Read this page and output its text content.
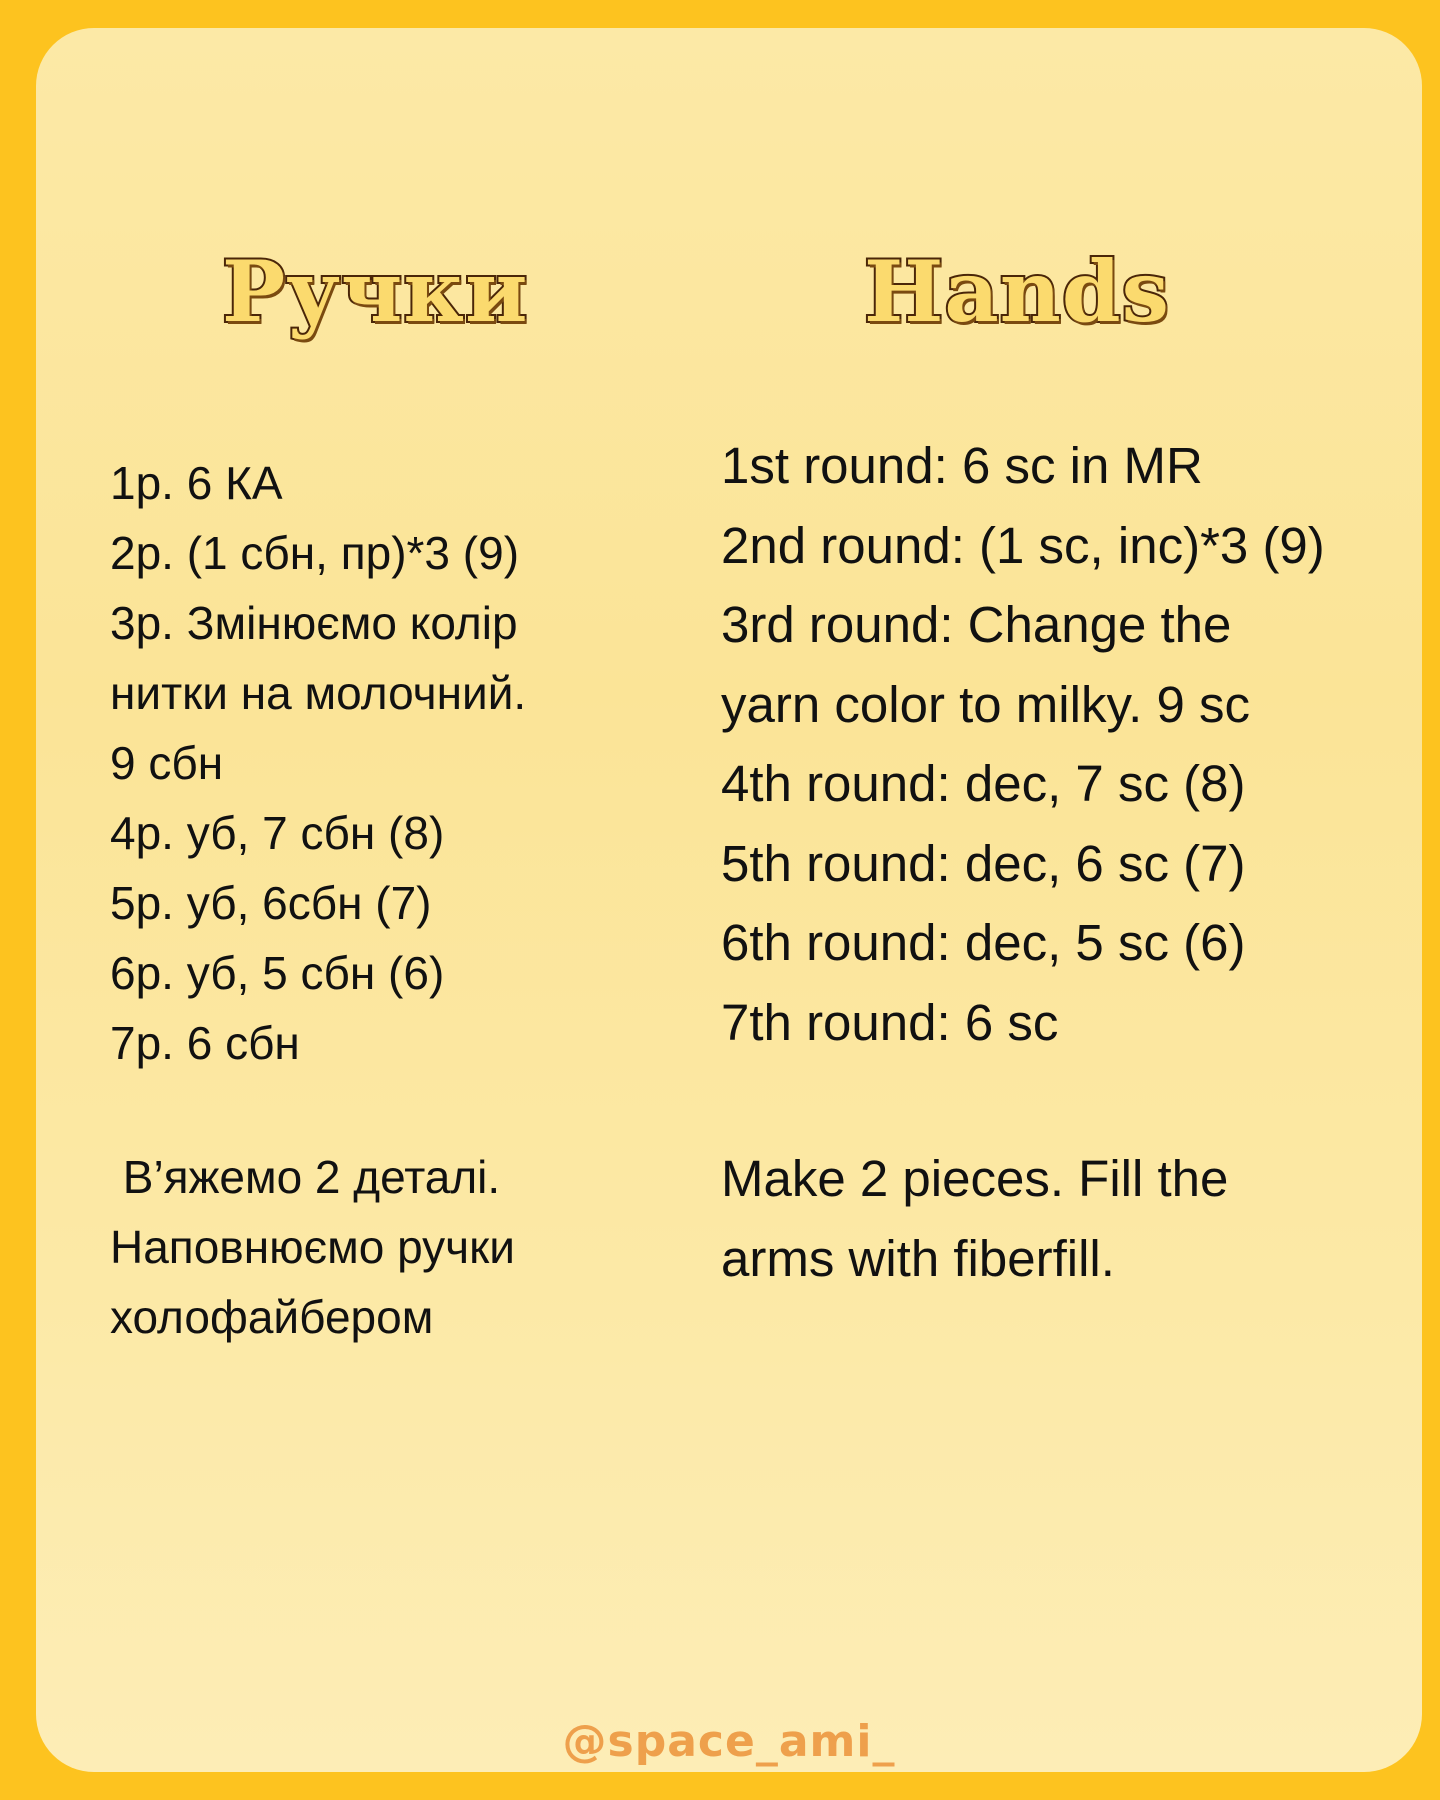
Ручки	Hands
1р. 6 КА
2р. (1 сбн, пр)*3 (9)
3р. Змінюємо колір
нитки на молочний.
9 сбн
4р. уб, 7 сбн (8)
5р. уб, 6сбн (7)
6р. уб, 5 сбн (6)
7р. 6 сбн
В’яжемо 2 деталі.
Наповнюємо ручки
холофайбером
1st round: 6 sc in MR
2nd round: (1 sc, inc)*3 (9)
3rd round: Change the
yarn color to milky. 9 sc
4th round: dec, 7 sc (8)
5th round: dec, 6 sc (7)
6th round: dec, 5 sc (6)
7th round: 6 sc
Make 2 pieces. Fill the
arms with fiberfill.
@space_ami_
